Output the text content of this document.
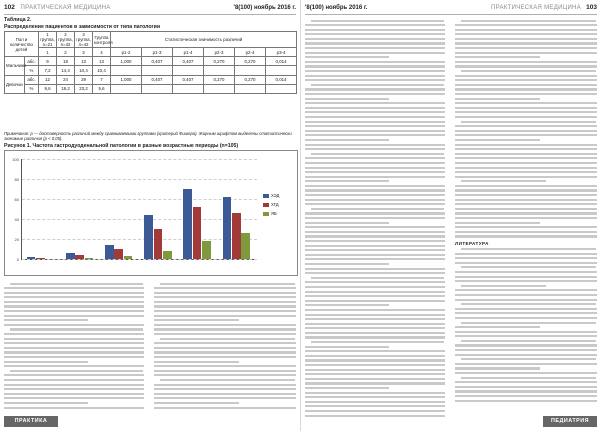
102 ПРАКТИЧЕСКАЯ МЕДИЦИНА	'8(100) ноябрь 2016 г.
Таблица 2.
Распределение пациентов в зависимости от типа патологии
Пол и количество детей		1 группа, n=21	2 группа, n=42	3 группа, n=42	Группа контроля	Статистическая значимость различий					
		1	2	3	4	р1-2	р1-3	р1-4	р2-3	р2-4	р3-4

Мальчики	абс.	9	18	13	13	1,000	0,407	0,407	0,270	0,270	0,014
	%	7,2	14,4	10,4	10,4						
Девочки	абс.	12	24	29	7	1,000	0,407	0,407	0,270	0,270	0,014
	%	9,6	19,2	23,2	5,6						
Примечание: p — достоверность различий между сравниваемыми группами (критерий Фишера). Жирным шрифтом выделены статистически значимые различия (р < 0,05).
Рисунок 1. Частота гастродуоденальной патологии в разные возрастные периоды (n=105)
0
20
40
60
80
100
ХЭД
ХГД
ЯБ
ПРАКТИКА
'8(100) ноябрь 2016 г.	ПРАКТИЧЕСКАЯ МЕДИЦИНА 103
ЛИТЕРАТУРА
ПЕДИАТРИЯ
